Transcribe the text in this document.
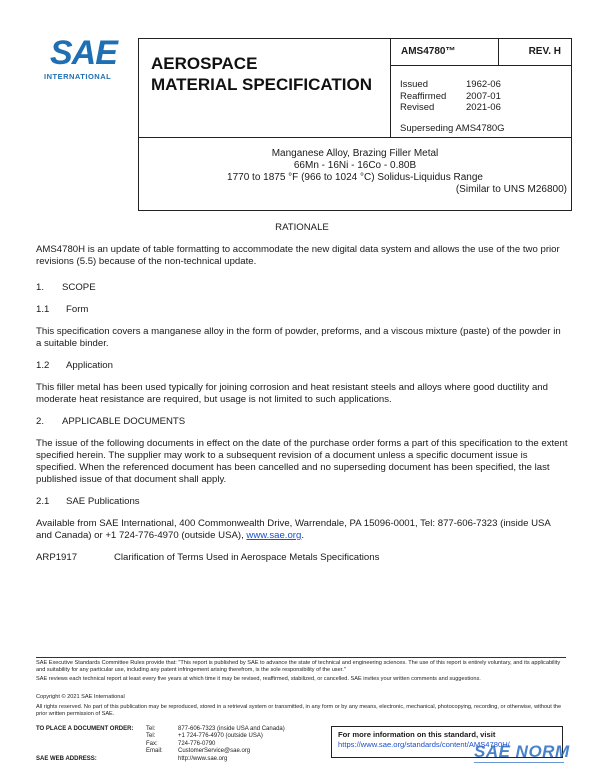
SAE
INTERNATIONAL
AEROSPACE
MATERIAL SPECIFICATION
AMS4780™	REV. H
Issued	1962-06
Reaffirmed	2007-01
Revised	2021-06
Superseding AMS4780G
Manganese Alloy, Brazing Filler Metal
66Mn - 16Ni - 16Co - 0.80B
1770 to 1875 °F (966 to 1024 °C) Solidus-Liquidus Range
(Similar to UNS M26800)
RATIONALE
AMS4780H is an update of table formatting to accommodate the new digital data system and allows the use of the two prior revisions (5.5) because of the non-technical update.
1. SCOPE
1.1 Form
This specification covers a manganese alloy in the form of powder, preforms, and a viscous mixture (paste) of the powder in a suitable binder.
1.2 Application
This filler metal has been used typically for joining corrosion and heat resistant steels and alloys where good ductility and moderate heat resistance are required, but usage is not limited to such applications.
2. APPLICABLE DOCUMENTS
The issue of the following documents in effect on the date of the purchase order forms a part of this specification to the extent specified herein. The supplier may work to a subsequent revision of a document unless a specific document issue is specified. When the referenced document has been cancelled and no superseding document has been specified, the last published issue of that document shall apply.
2.1 SAE Publications
Available from SAE International, 400 Commonwealth Drive, Warrendale, PA 15096-0001, Tel: 877-606-7323 (inside USA and Canada) or +1 724-776-4970 (outside USA), www.sae.org.
ARP1917	Clarification of Terms Used in Aerospace Metals Specifications
SAE Executive Standards Committee Rules provide that: "This report is published by SAE to advance the state of technical and engineering sciences. The use of this report is entirely voluntary, and its applicability and suitability for any particular use, including any patent infringement arising therefrom, is the sole responsibility of the user."
SAE reviews each technical report at least every five years at which time it may be revised, reaffirmed, stabilized, or cancelled. SAE invites your written comments and suggestions.
Copyright © 2021 SAE International
All rights reserved. No part of this publication may be reproduced, stored in a retrieval system or transmitted, in any form or by any means, electronic, mechanical, photocopying, recording, or otherwise, without the prior written permission of SAE.
TO PLACE A DOCUMENT ORDER:	Tel:	877-606-7323 (inside USA and Canada)
Tel:	+1 724-776-4970 (outside USA)
Fax:	724-776-0790
Email:	CustomerService@sae.org
SAE WEB ADDRESS:	http://www.sae.org
For more information on this standard, visit
https://www.sae.org/standards/content/AMS4780H/
SAE NORM
